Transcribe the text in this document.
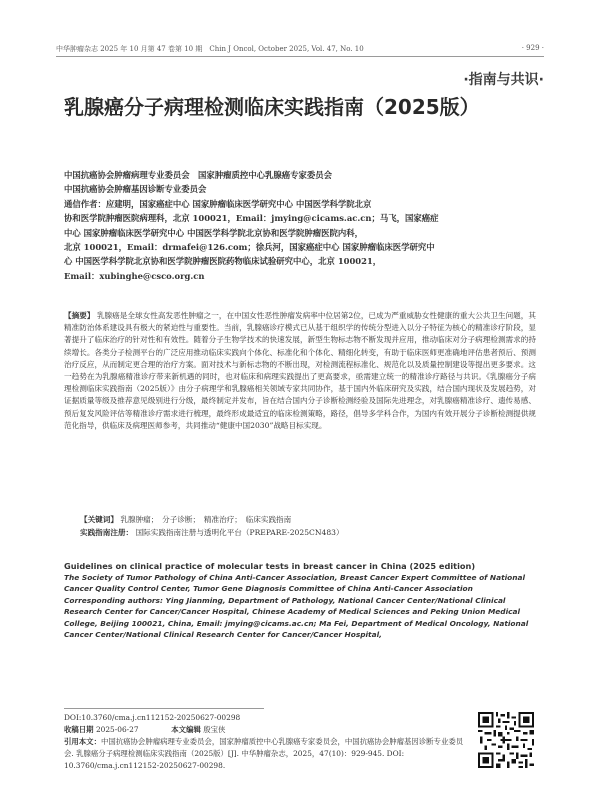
中华肿瘤杂志 2025 年 10 月第 47 卷第 10 期　Chin J Oncol, October 2025, Vol. 47, No. 10	· 929 ·
·指南与共识·
乳腺癌分子病理检测临床实践指南（2025版）
中国抗癌协会肿瘤病理专业委员会　国家肿瘤质控中心乳腺癌专家委员会
中国抗癌协会肿瘤基因诊断专业委员会
通信作者：应建明，国家癌症中心 国家肿瘤临床医学研究中心 中国医学科学院北京
协和医学院肿瘤医院病理科，北京 100021，Email：jmying@cicams.ac.cn；马飞，国家癌症
中心 国家肿瘤临床医学研究中心 中国医学科学院北京协和医学院肿瘤医院内科，
北京 100021，Email：drmafei@126.com；徐兵河，国家癌症中心 国家肿瘤临床医学研究中
心 中国医学科学院北京协和医学院肿瘤医院药物临床试验研究中心，北京 100021，
Email：xubinghe@csco.org.cn
【摘要】 乳腺癌是全球女性高发恶性肿瘤之一，在中国女性恶性肿瘤发病率中位居第2位，已成为严重威胁女性健康的重大公共卫生问题，其精准防治体系建设具有极大的紧迫性与重要性。当前，乳腺癌诊疗模式已从基于组织学的传统分型进入以分子特征为核心的精准诊疗阶段，显著提升了临床治疗的针对性和有效性。随着分子生物学技术的快速发展，新型生物标志物不断发现并应用，推动临床对分子病理检测需求的持续增长。各类分子检测平台的广泛应用推动临床实践向个体化、标准化和个体化、精细化转变，有助于临床医师更准确地评估患者预后、预测治疗反应，从而制定更合理的治疗方案。面对技术与新标志物的不断出现，对检测流程标准化、规范化以及质量控制建设等提出更多要求。这一趋势在为乳腺癌精准诊疗带来新机遇的同时，也对临床和病理实践提出了更高要求，亟需建立统一的精准诊疗路径与共识。《乳腺癌分子病理检测临床实践指南（2025版）》由分子病理学和乳腺癌相关领域专家共同协作，基于国内外临床研究及实践，结合国内现状及发展趋势，对证据质量等级及推荐意见级别进行分级，最终制定并发布，旨在结合国内分子诊断检测经验及国际先进理念，对乳腺癌精准诊疗、遗传易感、预后复发风险评估等精准诊疗需求进行梳理，最终形成最适宜的临床检测策略，路径，倡导多学科合作，为国内有效开展分子诊断检测提供规范化指导，供临床及病理医师参考，共同推动“健康中国2030”战略目标实现。
【关键词】 乳腺肿瘤；　分子诊断；　精准治疗；　临床实践指南
实践指南注册： 国际实践指南注册与透明化平台（PREPARE-2025CN483）
Guidelines on clinical practice of molecular tests in breast cancer in China (2025 edition)
The Society of Tumor Pathology of China Anti-Cancer Association, Breast Cancer Expert Committee of National Cancer Quality Control Center, Tumor Gene Diagnosis Committee of China Anti-Cancer Association
Corresponding authors: Ying Jianming, Department of Pathology, National Cancer Center/National Clinical Research Center for Cancer/Cancer Hospital, Chinese Academy of Medical Sciences and Peking Union Medical College, Beijing 100021, China, Email: jmying@cicams.ac.cn; Ma Fei, Department of Medical Oncology, National Cancer Center/National Clinical Research Center for Cancer/Cancer Hospital,
DOI:10.3760/cma.j.cn112152-20250627-00298
收稿日期 2025-06-27	本文编辑 殷宝侠
引用本文：中国抗癌协会肿瘤病理专业委员会，国家肿瘤质控中心乳腺癌专家委员会，中国抗癌协会肿瘤基因诊断专业委员会. 乳腺癌分子病理检测临床实践指南（2025版）[J]. 中华肿瘤杂志，2025，47(10)：929-945. DOI: 10.3760/cma.j.cn112152-20250627-00298.
